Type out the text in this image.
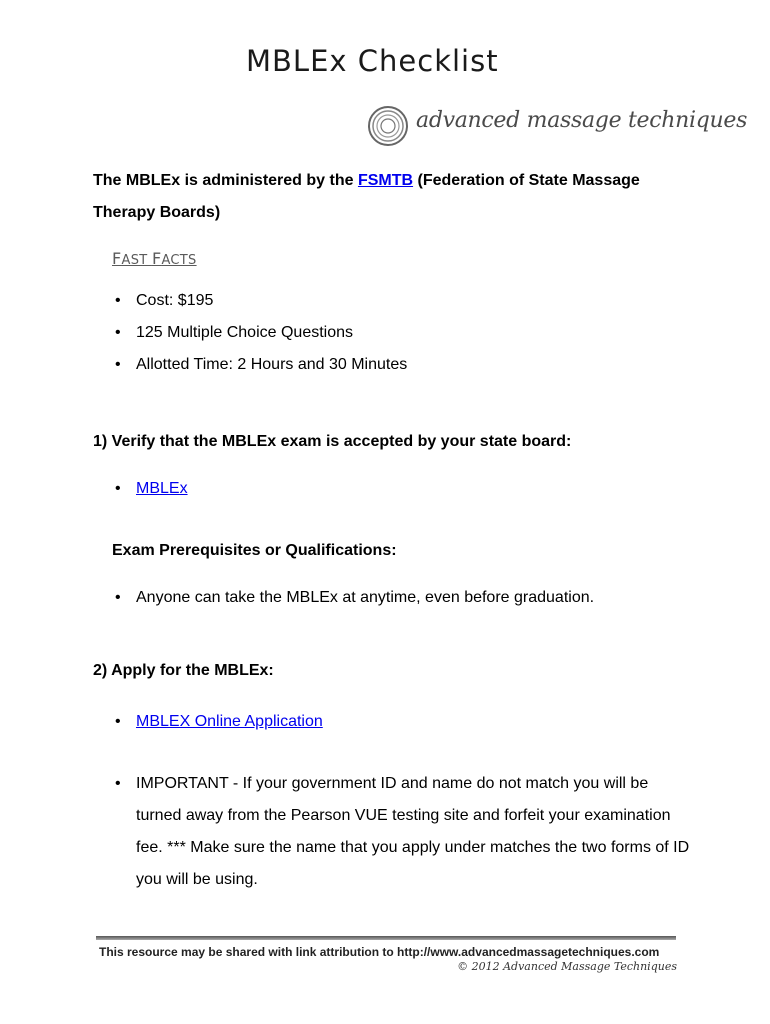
MBLEx Checklist
advanced massage techniques
The MBLEx is administered by the FSMTB (Federation of State Massage Therapy Boards)
FAST FACTS
• Cost: $195
• 125 Multiple Choice Questions
• Allotted Time: 2 Hours and 30 Minutes
1) Verify that the MBLEx exam is accepted by your state board:
• MBLEx
Exam Prerequisites or Qualifications:
• Anyone can take the MBLEx at anytime, even before graduation.
2) Apply for the MBLEx:
• MBLEX Online Application
• IMPORTANT - If your government ID and name do not match you will be turned away from the Pearson VUE testing site and forfeit your examination fee. *** Make sure the name that you apply under matches the two forms of ID you will be using.
This resource may be shared with link attribution to http://www.advancedmassagetechniques.com
© 2012 Advanced Massage Techniques
